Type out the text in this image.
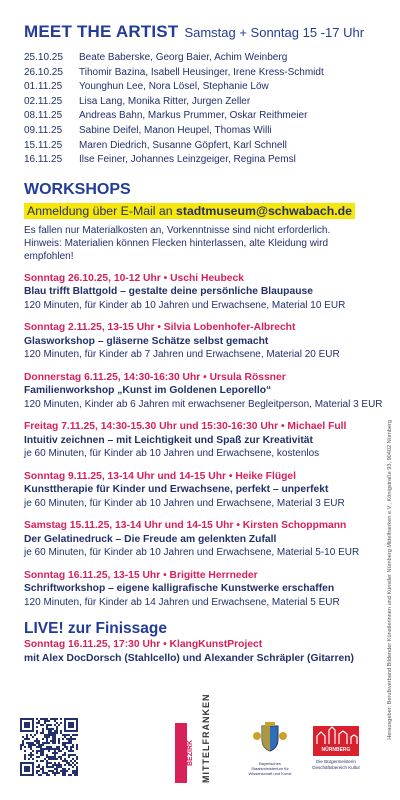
MEET THE ARTIST Samstag + Sonntag 15 -17 Uhr
25.10.25	Beate Baberske, Georg Baier, Achim Weinberg
26.10.25	Tihomir Bazina, Isabell Heusinger, Irene Kress-Schmidt
01.11.25	Younghun Lee, Nora Lösel, Stephanie Löw
02.11.25	Lisa Lang, Monika Ritter, Jurgen Zeller
08.11.25	Andreas Bahn, Markus Prummer, Oskar Reithmeier
09.11.25	Sabine Deifel, Manon Heupel, Thomas Willi
15.11.25	Maren Diedrich, Susanne Göpfert, Karl Schnell
16.11.25	Ilse Feiner, Johannes Leinzgeiger, Regina Pemsl
WORKSHOPS
Anmeldung über E-Mail an stadtmuseum@schwabach.de
Es fallen nur Materialkosten an, Vorkenntnisse sind nicht erforderlich.
Hinweis: Materialien können Flecken hinterlassen, alte Kleidung wird empfohlen!
Sonntag 26.10.25, 10-12 Uhr • Uschi Heubeck
Blau trifft Blattgold – gestalte deine persönliche Blaupause
120 Minuten, für Kinder ab 10 Jahren und Erwachsene, Material 10 EUR
Sonntag 2.11.25, 13-15 Uhr • Silvia Lobenhofer-Albrecht
Glasworkshop – gläserne Schätze selbst gemacht
120 Minuten, für Kinder ab 7 Jahren und Erwachsene, Material 20 EUR
Donnerstag 6.11.25, 14:30-16:30 Uhr • Ursula Rössner
Familienworkshop „Kunst im Goldenen Leporello“
120 Minuten, Kinder ab 6 Jahren mit erwachsener Begleitperson, Material 3 EUR
Freitag 7.11.25, 14:30-15.30 Uhr und 15:30-16:30 Uhr • Michael Full
Intuitiv zeichnen – mit Leichtigkeit und Spaß zur Kreativität
je 60 Minuten, für Kinder ab 10 Jahren und Erwachsene, kostenlos
Sonntag 9.11.25, 13-14 Uhr und 14-15 Uhr • Heike Flügel
Kunsttherapie für Kinder und Erwachsene, perfekt – unperfekt
je 60 Minuten, für Kinder ab 10 Jahren und Erwachsene, Material 3 EUR
Samstag 15.11.25, 13-14 Uhr und 14-15 Uhr • Kirsten Schoppmann
Der Gelatinedruck – Die Freude am gelenkten Zufall
je 60 Minuten, für Kinder ab 10 Jahren und Erwachsene, Material 5-10 EUR
Sonntag 16.11.25, 13-15 Uhr • Brigitte Herrneder
Schriftworkshop – eigene kalligrafische Kunstwerke erschaffen
120 Minuten, für Kinder ab 14 Jahren und Erwachsene, Material 5 EUR
LIVE! zur Finissage
Sonntag 16.11.25, 17:30 Uhr • KlangKunstProject
mit Alex DocDorsch (Stahlcello) und Alexander Schräpler (Gitarren)
BEZIRK MITTELFRANKEN	Bayerisches Staatsministerium für Wissenschaft und Kunst
NÜRNBERG
Die Bürgermeisterin Geschäftsbereich Kultur
Herausgeber: Berufsverband Bildender Künstlerinnen und Künstler Nürnberg Mittelfranken e.V., Königstraße 93, 90402 Nürnberg
